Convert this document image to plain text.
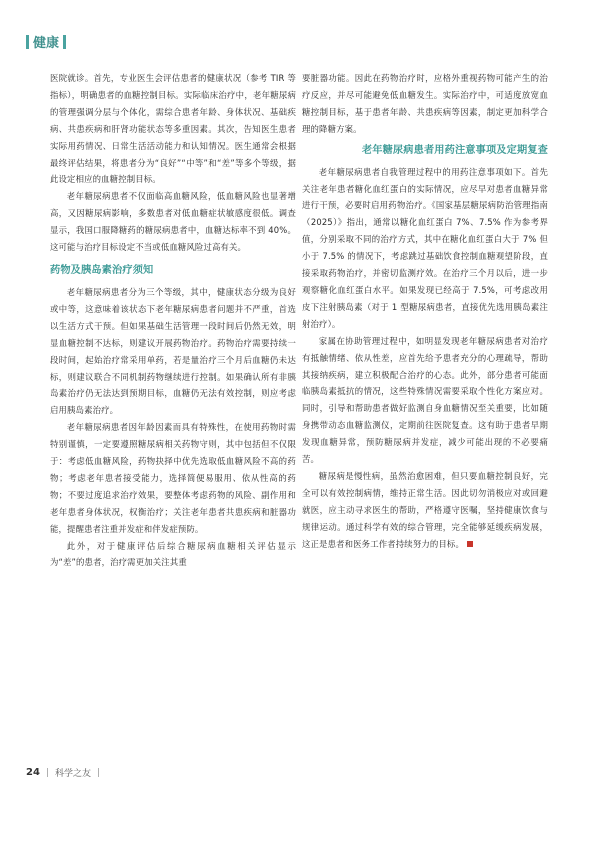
健康

医院就诊。首先，专业医生会评估患者的健康状况（参考 TIR 等指标），明确患者的血糖控制目标。实际临床治疗中，老年糖尿病的管理强调分层与个体化，需综合患者年龄、身体状况、基础疾病、共患疾病和肝肾功能状态等多重因素。其次，告知医生患者实际用药情况、日常生活活动能力和认知情况。医生通常会根据最终评估结果，将患者分为“良好”“中等”和“差”等多个等级，据此设定相应的血糖控制目标。

老年糖尿病患者不仅面临高血糖风险，低血糖风险也显著增高，又因糖尿病影响，多数患者对低血糖症状敏感度很低。调查显示，我国口服降糖药的糖尿病患者中，血糖达标率不到 40%。这可能与治疗目标设定不当或低血糖风险过高有关。

药物及胰岛素治疗须知

老年糖尿病患者分为三个等级，其中，健康状态分级为良好或中等，这意味着该状态下老年糖尿病患者问题并不严重，首选以生活方式干预。但如果基础生活管理一段时间后仍然无效，明显血糖控制不达标，则建议开展药物治疗。药物治疗需要持续一段时间，起始治疗常采用单药，若是量治疗三个月后血糖仍未达标，则建议联合不同机制药物继续进行控制。如果确认所有非胰岛素治疗仍无法达到预期目标，血糖仍无法有效控制，则应考虑启用胰岛素治疗。

老年糖尿病患者因年龄因素而具有特殊性，在使用药物时需特别谨慎，一定要遵照糖尿病相关药物守则，其中包括但不仅限于：考虑低血糖风险，药物抉择中优先选取低血糖风险不高的药物；考虑老年患者接受能力，选择简便易服用、依从性高的药物；不要过度追求治疗效果，要整体考虑药物的风险、副作用和老年患者身体状况，权衡治疗；关注老年患者共患疾病和脏器功能，提醒患者注重并发症和伴发症预防。

此外，对于健康评估后综合糖尿病血糖相关评估显示为“差”的患者，治疗需更加关注其重

要脏器功能。因此在药物治疗时，应格外重视药物可能产生的治疗反应，并尽可能避免低血糖发生。实际治疗中，可适度放宽血糖控制目标，基于患者年龄、共患疾病等因素，制定更加科学合理的降糖方案。

老年糖尿病患者用药注意事项及定期复查

老年糖尿病患者自我管理过程中的用药注意事项如下。首先关注老年患者糖化血红蛋白的实际情况，应尽早对患者血糖异常进行干预，必要时启用药物治疗。《国家基层糖尿病防治管理指南（2025）》指出，通常以糖化血红蛋白 7%、7.5% 作为参考界值，分别采取不同的治疗方式，其中在糖化血红蛋白大于 7% 但小于 7.5% 的情况下，考虑跳过基础饮食控制血糖观望阶段，直接采取药物治疗，并密切监测疗效。在治疗三个月以后，进一步观察糖化血红蛋白水平。如果发现已经高于 7.5%，可考虑改用皮下注射胰岛素（对于 1 型糖尿病患者，直接优先选用胰岛素注射治疗）。

家属在协助管理过程中，如明显发现老年糖尿病患者对治疗有抵触情绪、依从性差，应首先给予患者充分的心理疏导，帮助其接纳疾病，建立积极配合治疗的心态。此外，部分患者可能面临胰岛素抵抗的情况，这些特殊情况需要采取个性化方案应对。同时，引导和帮助患者做好监测自身血糖情况至关重要，比如随身携带动态血糖监测仪，定期前往医院复查。这有助于患者早期发现血糖异常，预防糖尿病并发症，减少可能出现的不必要痛苦。

糖尿病是慢性病，虽然治愈困难，但只要血糖控制良好，完全可以有效控制病情，维持正常生活。因此切勿消极应对或回避就医，应主动寻求医生的帮助，严格遵守医嘱，坚持健康饮食与规律运动。通过科学有效的综合管理，完全能够延缓疾病发展，这正是患者和医务工作者持续努力的目标。

24 | 科学之友 |
